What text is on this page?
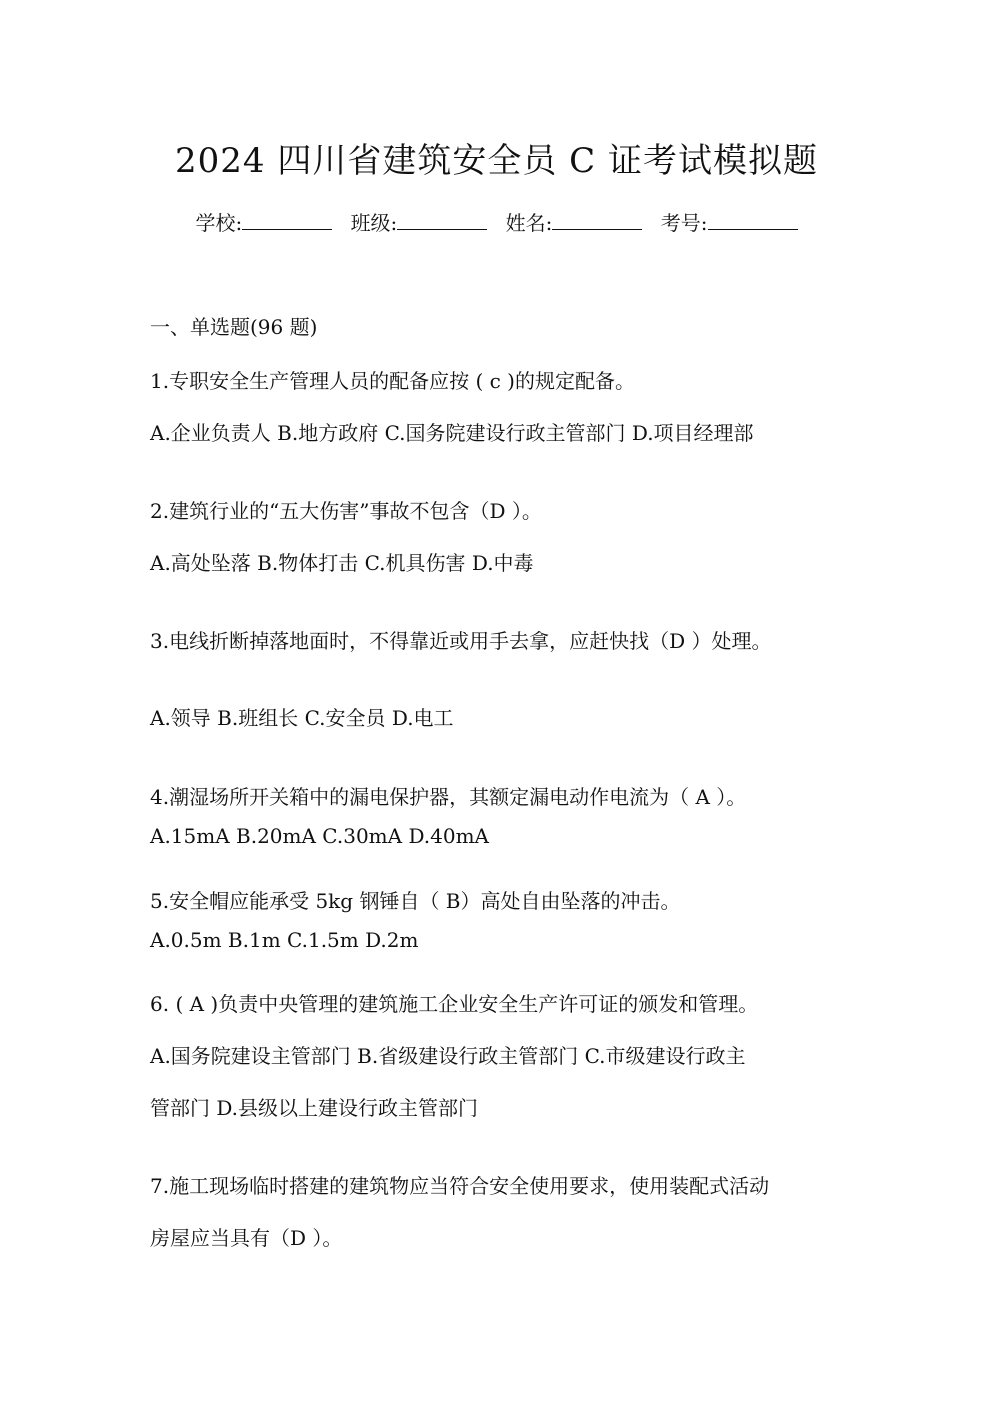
2024 四川省建筑安全员 C 证考试模拟题
学校:	班级:	姓名:	考号:
一、单选题(96 题)
1.专职安全生产管理人员的配备应按 ( c )的规定配备。
A.企业负责人 B.地方政府 C.国务院建设行政主管部门 D.项目经理部
2.建筑行业的“五大伤害”事故不包含（D ）。
A.高处坠落 B.物体打击 C.机具伤害 D.中毒
3.电线折断掉落地面时，不得靠近或用手去拿，应赶快找（D ）处理。
A.领导 B.班组长 C.安全员 D.电工
4.潮湿场所开关箱中的漏电保护器，其额定漏电动作电流为（ A ）。
A.15mA B.20mA C.30mA D.40mA
5.安全帽应能承受 5kg 钢锤自（ B）高处自由坠落的冲击。
A.0.5m B.1m C.1.5m D.2m
6. ( A )负责中央管理的建筑施工企业安全生产许可证的颁发和管理。
A.国务院建设主管部门 B.省级建设行政主管部门 C.市级建设行政主
管部门 D.县级以上建设行政主管部门
7.施工现场临时搭建的建筑物应当符合安全使用要求，使用装配式活动
房屋应当具有（D ）。
